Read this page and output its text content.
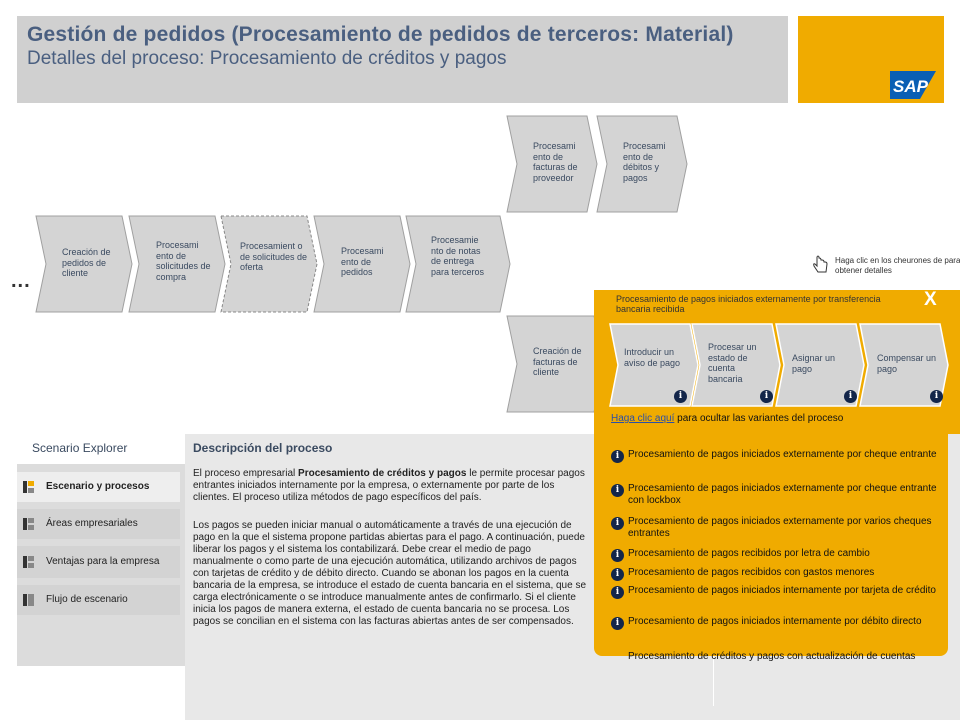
Gestión de pedidos (Procesamiento de pedidos de terceros: Material)
Detalles del proceso: Procesamiento de créditos y pagos
SAP
Procesami ento de facturas de proveedor
Procesami ento de débitos y pagos
...
Creación de pedidos de cliente
Procesami ento de solicitudes de compra
Procesamient o de solicitudes de oferta
Procesami ento de pedidos
Procesamie nto de notas de entrega para terceros
Creación de facturas de cliente
Haga clic en los cheurones de para obtener detalles
Procesamiento de pagos iniciados externamente por transferencia bancaria recibida	X
Introducir un aviso de pago
i
Procesar un estado de cuenta bancaria
i
Asignar un pago
i
Compensar un pago
i
Haga clic aquí para ocultar las variantes del proceso
Descripción del proceso
El proceso empresarial Procesamiento de créditos y pagos le permite procesar pagos entrantes iniciados internamente por la empresa, o externamente por parte de los clientes. El proceso utiliza métodos de pago específicos del país.
Los pagos se pueden iniciar manual o automáticamente a través de una ejecución de pago en la que el sistema propone partidas abiertas para el pago. A continuación, puede liberar los pagos y el sistema los contabilizará. Debe crear el medio de pago manualmente o como parte de una ejecución automática, utilizando archivos de pagos con tarjetas de crédito y de débito directo. Cuando se abonan los pagos en la cuenta bancaria de la empresa, se introduce el estado de cuenta bancaria en el sistema, que se carga electrónicamente o se introduce manualmente antes de confirmarlo. Si el cliente inicia los pagos de manera externa, el estado de cuenta bancaria no se procesa. Los pagos se concilian en el sistema con las facturas abiertas antes de ser compensados.
i Procesamiento de pagos iniciados externamente por cheque entrante
i Procesamiento de pagos iniciados externamente por cheque entrante con lockbox
i Procesamiento de pagos iniciados externamente por varios cheques entrantes
i Procesamiento de pagos recibidos por letra de cambio
i Procesamiento de pagos recibidos con gastos menores
i Procesamiento de pagos iniciados internamente por tarjeta de crédito
i Procesamiento de pagos iniciados internamente por débito directo
Procesamiento de créditos y pagos con actualización de cuentas
Scenario Explorer
Escenario y procesos
Áreas empresariales
Ventajas para la empresa
Flujo de escenario
